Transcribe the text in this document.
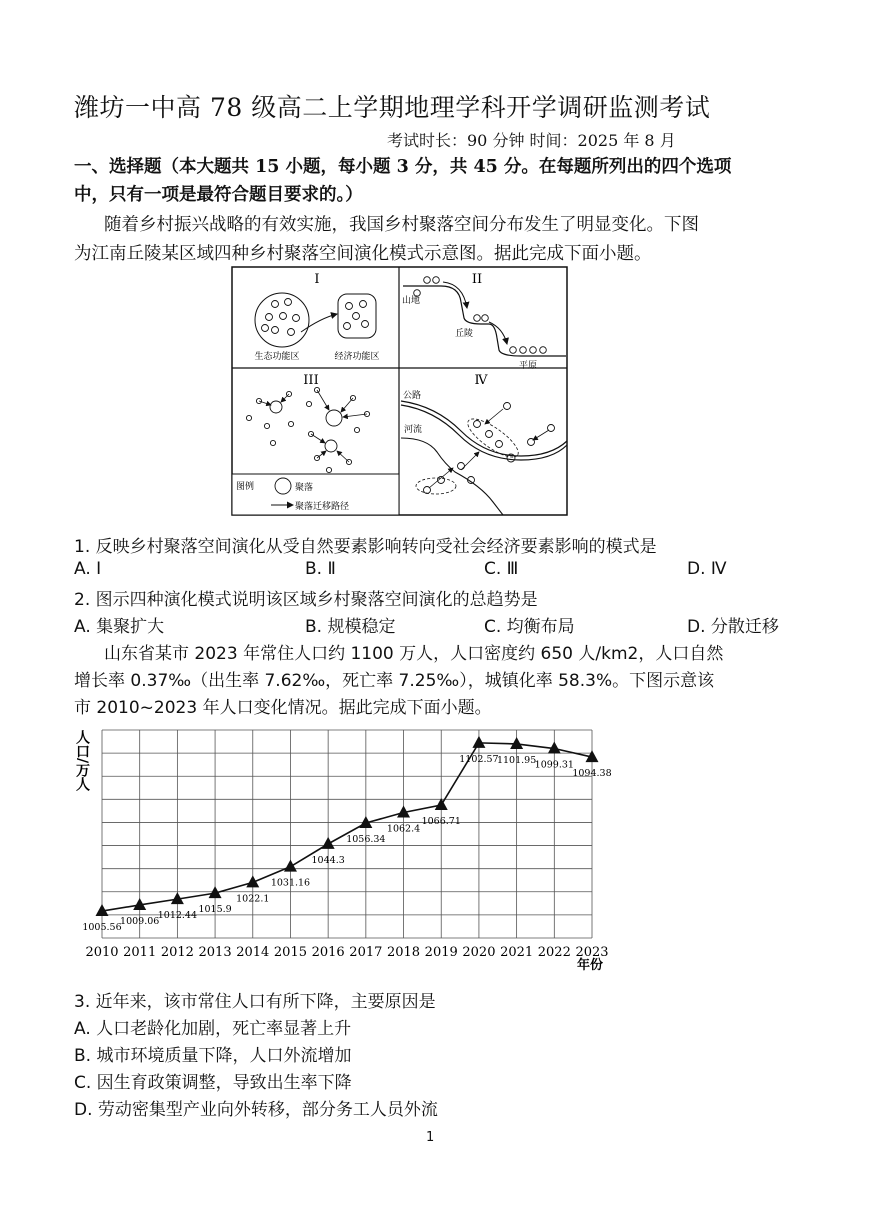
潍坊一中高 78 级高二上学期地理学科开学调研监测考试
考试时长：90 分钟 时间：2025 年 8 月
一、选择题（本大题共 15 小题，每小题 3 分，共 45 分。在每题所列出的四个选项
中，只有一项是最符合题目要求的。）
随着乡村振兴战略的有效实施，我国乡村聚落空间分布发生了明显变化。下图
为江南丘陵某区域四种乡村聚落空间演化模式示意图。据此完成下面小题。
I
生态功能区	经济功能区
II
山地
丘陵
平原
III
图例	聚落
聚落迁移路径
Ⅳ
公路
河流
1. 反映乡村聚落空间演化从受自然要素影响转向受社会经济要素影响的模式是
A. Ⅰ	B. Ⅱ	C. Ⅲ	D. Ⅳ
2. 图示四种演化模式说明该区域乡村聚落空间演化的总趋势是
A. 集聚扩大	B. 规模稳定	C. 均衡布局	D. 分散迁移
山东省某市 2023 年常住人口约 1100 万人，人口密度约 650 人/km2，人口自然
增长率 0.37‰（出生率 7.62‰，死亡率 7.25‰），城镇化率 58.3%。下图示意该
市 2010~2023 年人口变化情况。据此完成下面小题。
人口/万人
2010 2011 2012 2013 2014 2015 2016 2017 2018 2019 2020 2021 2022 2023
1005.56
1009.06
1012.44
1015.9
1022.1
1031.16
1044.3
1056.34
1062.4
1066.71
1102.57
1101.95
1099.31
1094.38
年份
3. 近年来，该市常住人口有所下降，主要原因是
A. 人口老龄化加剧，死亡率显著上升
B. 城市环境质量下降，人口外流增加
C. 因生育政策调整，导致出生率下降
D. 劳动密集型产业向外转移，部分务工人员外流
1
